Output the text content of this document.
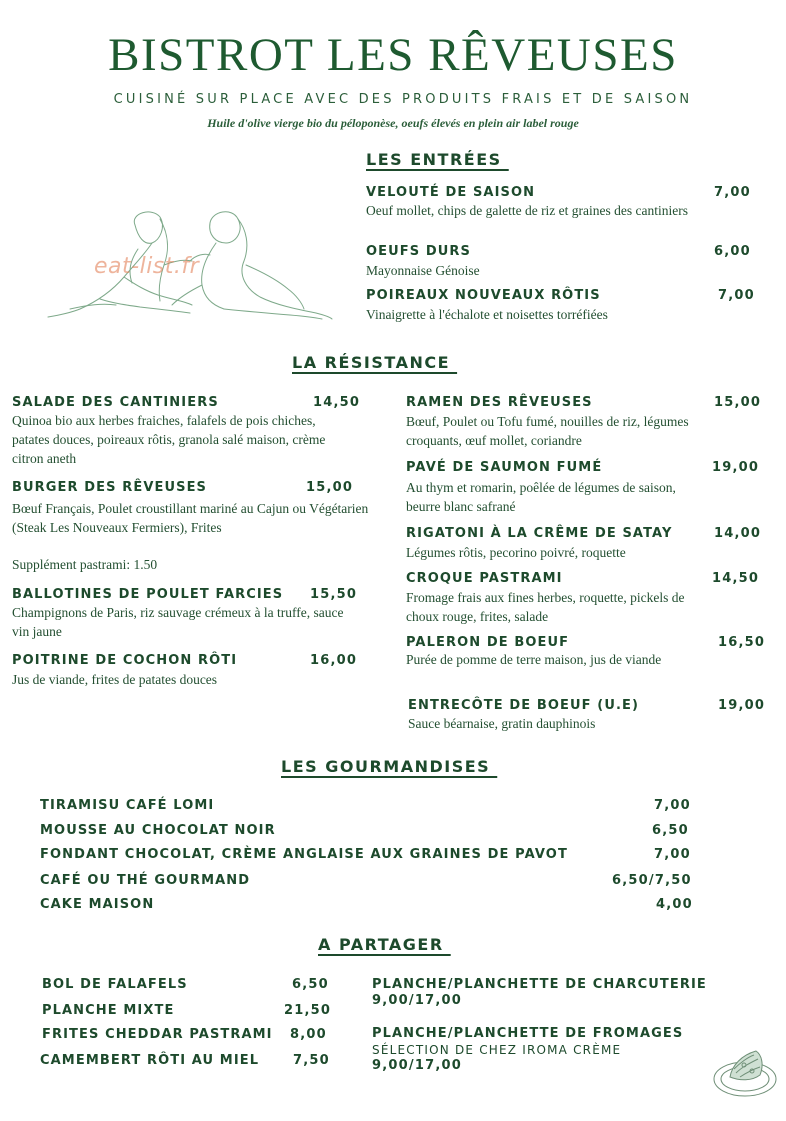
BISTROT LES RÊVEUSES
CUISINÉ SUR PLACE AVEC DES PRODUITS FRAIS ET DE SAISON
Huile d'olive vierge bio du péloponèse, oeufs élevés en plein air label rouge
eat-list.fr
LES ENTRÉES
VELOUTÉ DE SAISON	7,00
Oeuf mollet, chips de galette de riz et graines des cantiniers
OEUFS DURS	6,00
Mayonnaise Génoise
POIREAUX NOUVEAUX RÔTIS	7,00
Vinaigrette à l'échalote et noisettes torréfiées
LA RÉSISTANCE
SALADE DES CANTINIERS	14,50
Quinoa bio aux herbes fraiches, falafels de pois chiches, patates douces, poireaux rôtis, granola salé maison, crème citron aneth
BURGER DES RÊVEUSES	15,00
Bœuf Français, Poulet croustillant mariné au Cajun ou Végétarien (Steak Les Nouveaux Fermiers), Frites
Supplément pastrami: 1.50
BALLOTINES DE POULET FARCIES 15,50
Champignons de Paris, riz sauvage crémeux à la truffe, sauce vin jaune
POITRINE DE COCHON RÔTI	16,00
Jus de viande, frites de patates douces
RAMEN DES RÊVEUSES	15,00
Bœuf, Poulet ou Tofu fumé, nouilles de riz, légumes croquants, œuf mollet, coriandre
PAVÉ DE SAUMON FUMÉ	19,00
Au thym et romarin, poêlée de légumes de saison, beurre blanc safrané
RIGATONI À LA CRÊME DE SATAY	14,00
Légumes rôtis, pecorino poivré, roquette
CROQUE PASTRAMI	14,50
Fromage frais aux fines herbes, roquette, pickels de choux rouge, frites, salade
PALERON DE BOEUF	16,50
Purée de pomme de terre maison, jus de viande
ENTRECÔTE DE BOEUF (U.E)	19,00
Sauce béarnaise, gratin dauphinois
LES GOURMANDISES
TIRAMISU CAFÉ LOMI	7,00
MOUSSE AU CHOCOLAT NOIR	6,50
FONDANT CHOCOLAT, CRÈME ANGLAISE AUX GRAINES DE PAVOT	7,00
CAFÉ OU THÉ GOURMAND	6,50/7,50
CAKE MAISON	4,00
A PARTAGER
BOL DE FALAFELS	6,50
PLANCHE MIXTE	21,50
FRITES CHEDDAR PASTRAMI 8,00
CAMEMBERT RÔTI AU MIEL	7,50
PLANCHE/PLANCHETTE DE CHARCUTERIE
9,00/17,00
PLANCHE/PLANCHETTE DE FROMAGES
SÉLECTION DE CHEZ IROMA CRÈME
9,00/17,00
